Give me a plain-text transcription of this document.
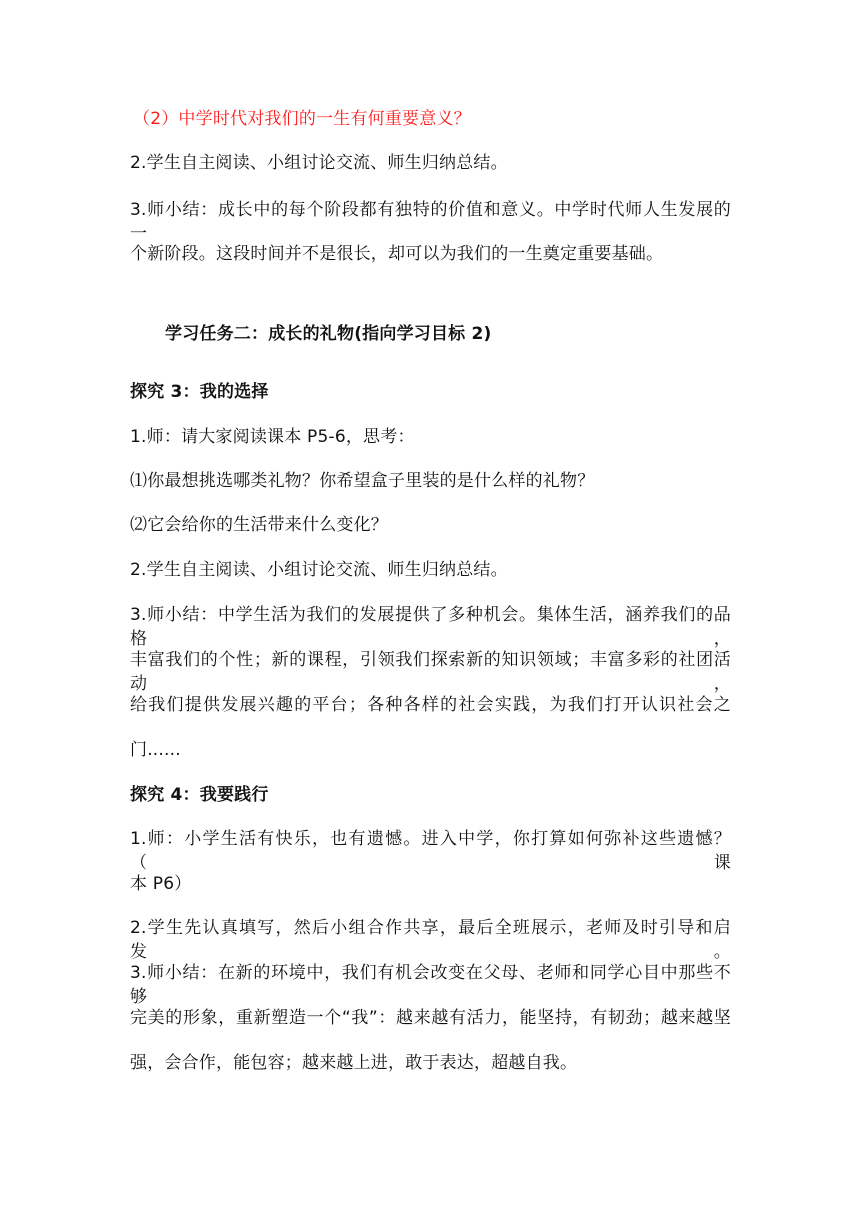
（2）中学时代对我们的一生有何重要意义？
2.学生自主阅读、小组讨论交流、师生归纳总结。
3.师小结：成长中的每个阶段都有独特的价值和意义。中学时代师人生发展的一
个新阶段。这段时间并不是很长，却可以为我们的一生奠定重要基础。
学习任务二：成长的礼物(指向学习目标 2)
探究 3：我的选择
1.师：请大家阅读课本 P5-6，思考：
⑴你最想挑选哪类礼物？你希望盒子里装的是什么样的礼物？
⑵它会给你的生活带来什么变化？
2.学生自主阅读、小组讨论交流、师生归纳总结。
3.师小结：中学生活为我们的发展提供了多种机会。集体生活，涵养我们的品格，
丰富我们的个性；新的课程，引领我们探索新的知识领域；丰富多彩的社团活动，
给我们提供发展兴趣的平台；各种各样的社会实践，为我们打开认识社会之
门......
探究 4：我要践行
1.师：小学生活有快乐，也有遗憾。进入中学，你打算如何弥补这些遗憾？（课
本 P6）
2.学生先认真填写，然后小组合作共享，最后全班展示，老师及时引导和启发。
3.师小结：在新的环境中，我们有机会改变在父母、老师和同学心目中那些不够
完美的形象，重新塑造一个“我”：越来越有活力，能坚持，有韧劲；越来越坚
强，会合作，能包容；越来越上进，敢于表达，超越自我。
